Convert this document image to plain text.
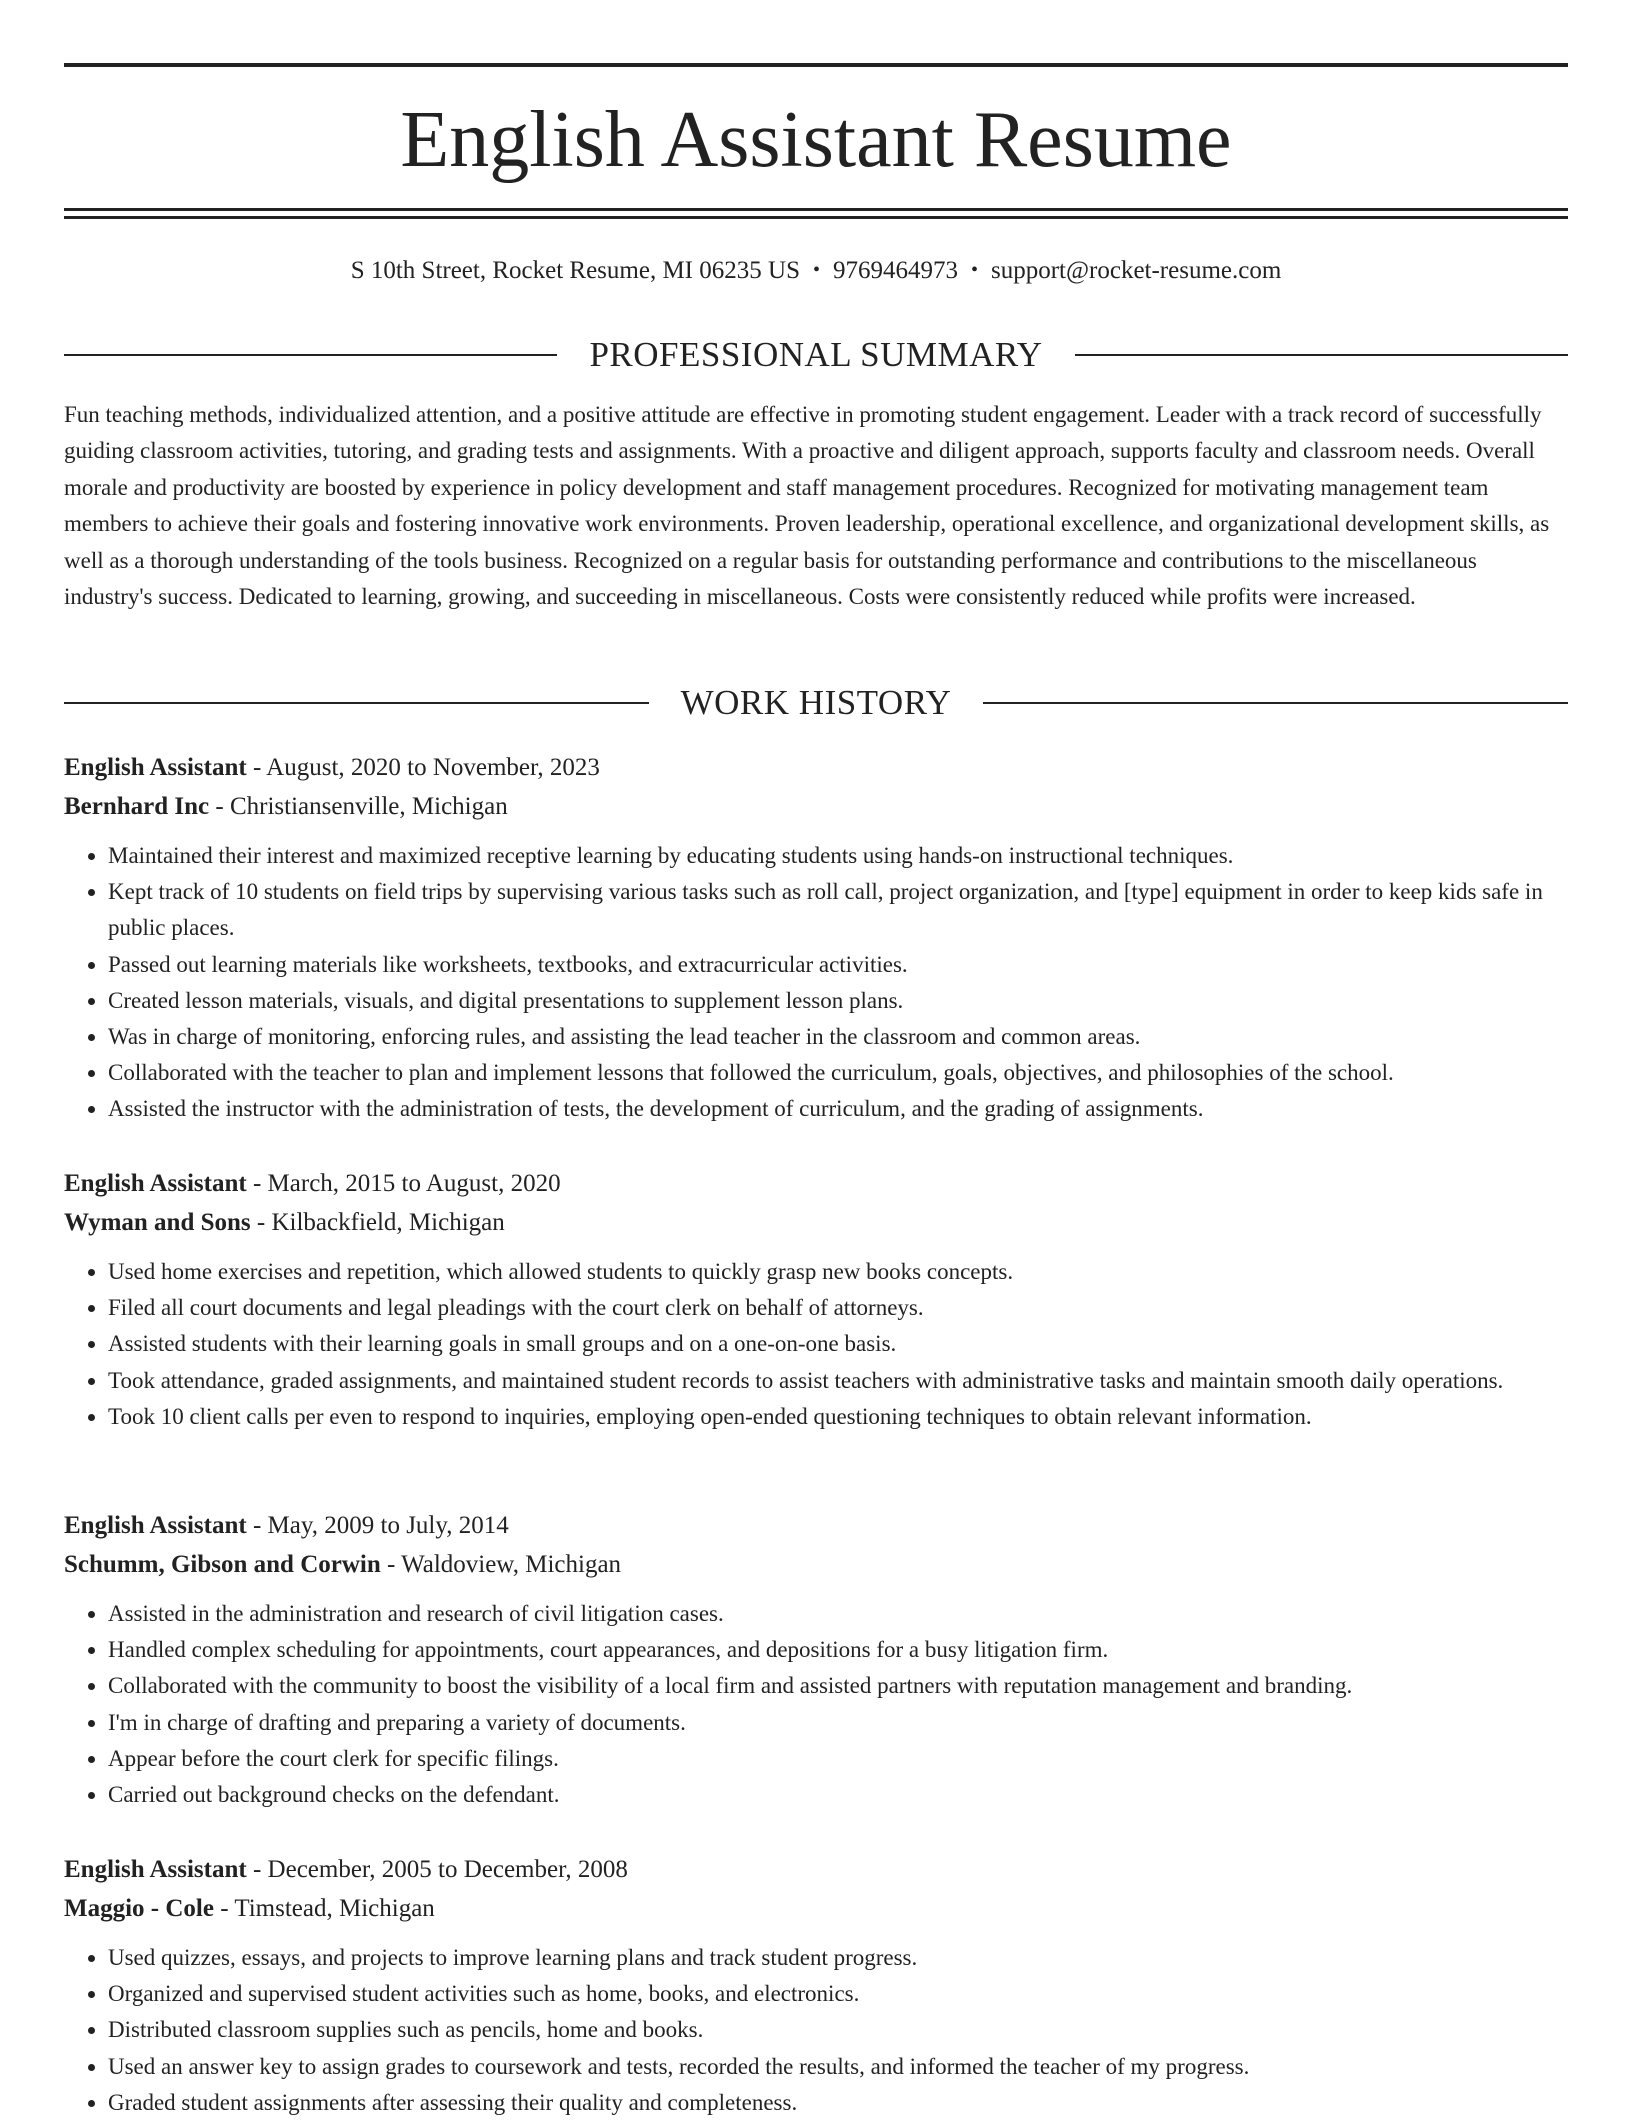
English Assistant Resume
S 10th Street, Rocket Resume, MI 06235 US • 9769464973 • support@rocket-resume.com
PROFESSIONAL SUMMARY

Fun teaching methods, individualized attention, and a positive attitude are effective in promoting student engagement. Leader with a track record of successfully guiding classroom activities, tutoring, and grading tests and assignments. With a proactive and diligent approach, supports faculty and classroom needs. Overall morale and productivity are boosted by experience in policy development and staff management procedures. Recognized for motivating management team members to achieve their goals and fostering innovative work environments. Proven leadership, operational excellence, and organizational development skills, as well as a thorough understanding of the tools business. Recognized on a regular basis for outstanding performance and contributions to the miscellaneous industry's success. Dedicated to learning, growing, and succeeding in miscellaneous. Costs were consistently reduced while profits were increased.

WORK HISTORY
English Assistant - August, 2020 to November, 2023
Bernhard Inc - Christiansenville, Michigan
• Maintained their interest and maximized receptive learning by educating students using hands-on instructional techniques.
• Kept track of 10 students on field trips by supervising various tasks such as roll call, project organization, and [type] equipment in order to keep kids safe in public places.
• Passed out learning materials like worksheets, textbooks, and extracurricular activities.
• Created lesson materials, visuals, and digital presentations to supplement lesson plans.
• Was in charge of monitoring, enforcing rules, and assisting the lead teacher in the classroom and common areas.
• Collaborated with the teacher to plan and implement lessons that followed the curriculum, goals, objectives, and philosophies of the school.
• Assisted the instructor with the administration of tests, the development of curriculum, and the grading of assignments.
English Assistant - March, 2015 to August, 2020
Wyman and Sons - Kilbackfield, Michigan
• Used home exercises and repetition, which allowed students to quickly grasp new books concepts.
• Filed all court documents and legal pleadings with the court clerk on behalf of attorneys.
• Assisted students with their learning goals in small groups and on a one-on-one basis.
• Took attendance, graded assignments, and maintained student records to assist teachers with administrative tasks and maintain smooth daily operations.
• Took 10 client calls per even to respond to inquiries, employing open-ended questioning techniques to obtain relevant information.
English Assistant - May, 2009 to July, 2014
Schumm, Gibson and Corwin - Waldoview, Michigan
• Assisted in the administration and research of civil litigation cases.
• Handled complex scheduling for appointments, court appearances, and depositions for a busy litigation firm.
• Collaborated with the community to boost the visibility of a local firm and assisted partners with reputation management and branding.
• I'm in charge of drafting and preparing a variety of documents.
• Appear before the court clerk for specific filings.
• Carried out background checks on the defendant.
English Assistant - December, 2005 to December, 2008
Maggio - Cole - Timstead, Michigan
• Used quizzes, essays, and projects to improve learning plans and track student progress.
• Organized and supervised student activities such as home, books, and electronics.
• Distributed classroom supplies such as pencils, home and books.
• Used an answer key to assign grades to coursework and tests, recorded the results, and informed the teacher of my progress.
• Graded student assignments after assessing their quality and completeness.
